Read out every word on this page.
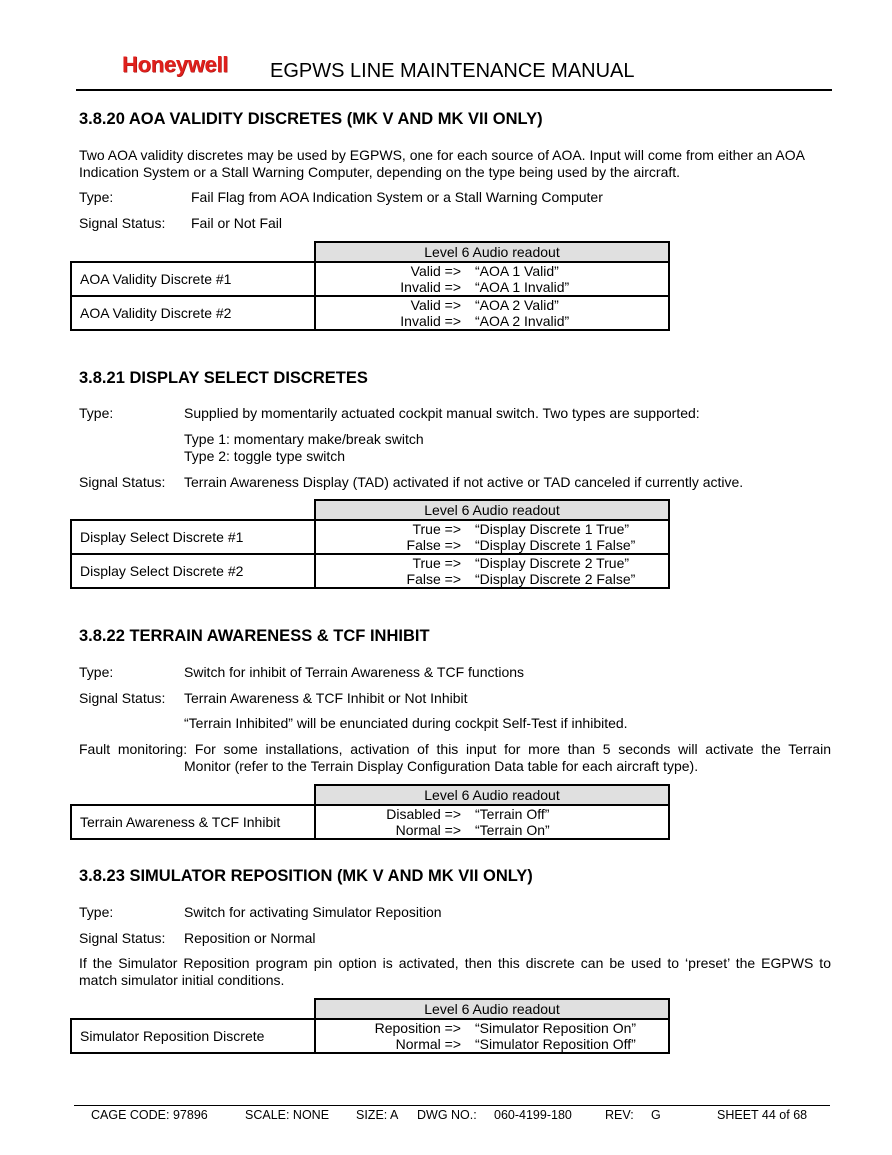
Honeywell EGPWS LINE MAINTENANCE MANUAL
3.8.20 AOA VALIDITY DISCRETES (MK V AND MK VII ONLY)
Two AOA validity discretes may be used by EGPWS, one for each source of AOA. Input will come from either an AOA Indication System or a Stall Warning Computer, depending on the type being used by the aircraft.
Type:	Fail Flag from AOA Indication System or a Stall Warning Computer
Signal Status: Fail or Not Fail
	Level 6 Audio readout
AOA Validity Discrete #1	Valid => “AOA 1 Valid”
Invalid => “AOA 1 Invalid”

AOA Validity Discrete #2	Valid => “AOA 2 Valid”
Invalid => “AOA 2 Invalid”
3.8.21 DISPLAY SELECT DISCRETES
Type:	Supplied by momentarily actuated cockpit manual switch. Two types are supported:
Type 1: momentary make/break switch
Type 2: toggle type switch
Signal Status: Terrain Awareness Display (TAD) activated if not active or TAD canceled if currently active.
	Level 6 Audio readout
Display Select Discrete #1	True => “Display Discrete 1 True”
False => “Display Discrete 1 False”

Display Select Discrete #2	True => “Display Discrete 2 True”
False => “Display Discrete 2 False”
3.8.22 TERRAIN AWARENESS & TCF INHIBIT
Type:	Switch for inhibit of Terrain Awareness & TCF functions
Signal Status: Terrain Awareness & TCF Inhibit or Not Inhibit
“Terrain Inhibited” will be enunciated during cockpit Self-Test if inhibited.
Fault monitoring: For some installations, activation of this input for more than 5 seconds will activate the Terrain
Monitor (refer to the Terrain Display Configuration Data table for each aircraft type).
	Level 6 Audio readout
Terrain Awareness & TCF Inhibit	Disabled => “Terrain Off”
Normal => “Terrain On”
3.8.23 SIMULATOR REPOSITION (MK V AND MK VII ONLY)
Type:	Switch for activating Simulator Reposition
Signal Status: Reposition or Normal
If the Simulator Reposition program pin option is activated, then this discrete can be used to ‘preset’ the EGPWS to match simulator initial conditions.
	Level 6 Audio readout
Simulator Reposition Discrete	Reposition => “Simulator Reposition On”
Normal => “Simulator Reposition Off”
CAGE CODE: 97896	SCALE: NONE SIZE: A DWG NO.: 060-4199-180	REV: G	SHEET 44 of 68
